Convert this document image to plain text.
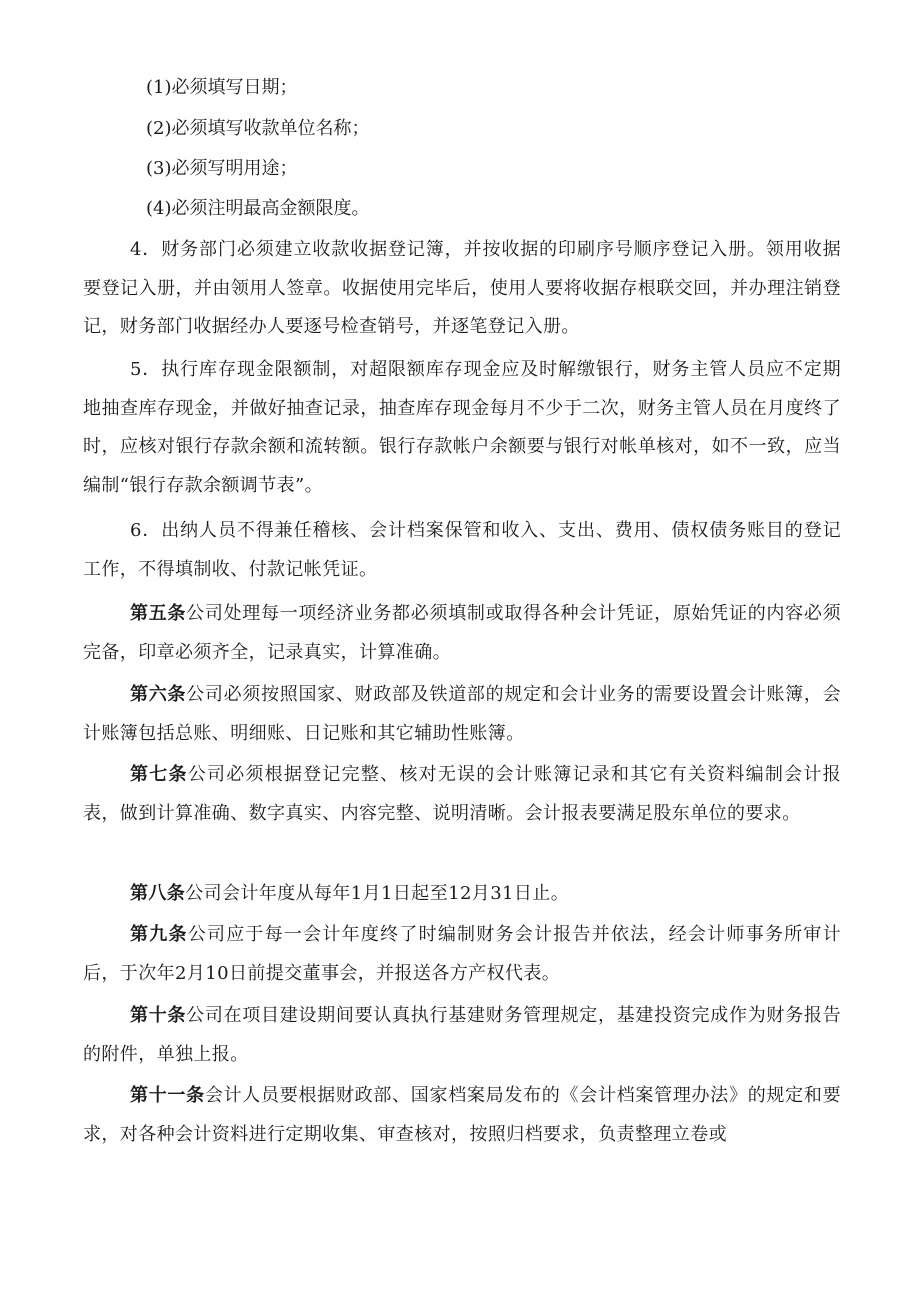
(1)必须填写日期；
(2)必须填写收款单位名称；
(3)必须写明用途；
(4)必须注明最高金额限度。
4．财务部门必须建立收款收据登记簿，并按收据的印刷序号顺序登记入册。领用收据要登记入册，并由领用人签章。收据使用完毕后，使用人要将收据存根联交回，并办理注销登记，财务部门收据经办人要逐号检查销号，并逐笔登记入册。
5．执行库存现金限额制，对超限额库存现金应及时解缴银行，财务主管人员应不定期地抽查库存现金，并做好抽查记录，抽查库存现金每月不少于二次，财务主管人员在月度终了时，应核对银行存款余额和流转额。银行存款帐户余额要与银行对帐单核对，如不一致，应当编制“银行存款余额调节表”。
6．出纳人员不得兼任稽核、会计档案保管和收入、支出、费用、债权债务账目的登记工作，不得填制收、付款记帐凭证。
第五条公司处理每一项经济业务都必须填制或取得各种会计凭证，原始凭证的内容必须完备，印章必须齐全，记录真实，计算准确。
第六条公司必须按照国家、财政部及铁道部的规定和会计业务的需要设置会计账簿，会计账簿包括总账、明细账、日记账和其它辅助性账簿。
第七条公司必须根据登记完整、核对无误的会计账簿记录和其它有关资料编制会计报表，做到计算准确、数字真实、内容完整、说明清晰。会计报表要满足股东单位的要求。
第八条公司会计年度从每年1月1日起至12月31日止。
第九条公司应于每一会计年度终了时编制财务会计报告并依法，经会计师事务所审计后，于次年2月10日前提交董事会，并报送各方产权代表。
第十条公司在项目建设期间要认真执行基建财务管理规定，基建投资完成作为财务报告的附件，单独上报。
第十一条会计人员要根据财政部、国家档案局发布的《会计档案管理办法》的规定和要求，对各种会计资料进行定期收集、审查核对，按照归档要求，负责整理立卷或
